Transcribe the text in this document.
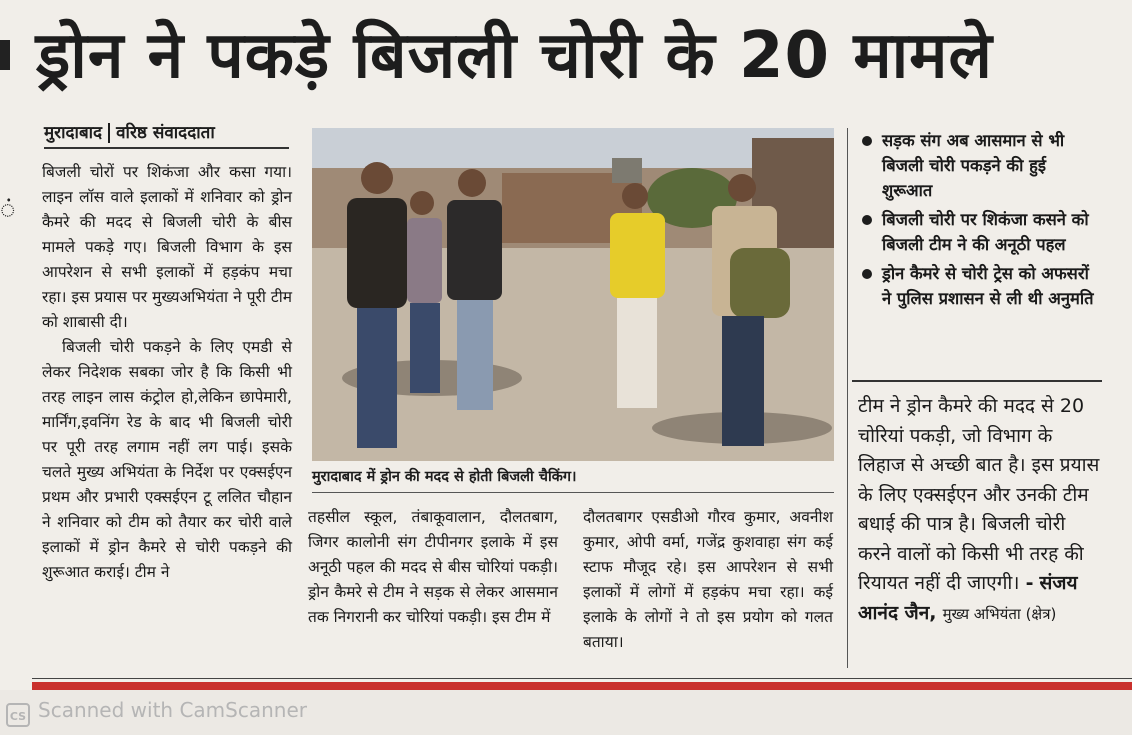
ं
ड्रोन ने पकड़े बिजली चोरी के 20 मामले
मुरादाबाद वरिष्ठ संवाददाता

बिजली चोरों पर शिकंजा और कसा गया। लाइन लॉस वाले इलाकों में शनिवार को ड्रोन कैमरे की मदद से बिजली चोरी के बीस मामले पकड़े गए। बिजली विभाग के इस आपरेशन से सभी इलाकों में हड़कंप मचा रहा। इस प्रयास पर मुख्यअभियंता ने पूरी टीम को शाबासी दी।

बिजली चोरी पकड़ने के लिए एमडी से लेकर निदेशक सबका जोर है कि किसी भी तरह लाइन लास कंट्रोल हो,लेकिन छापेमारी, मार्निंग,इवनिंग रेड के बाद भी बिजली चोरी पर पूरी तरह लगाम नहीं लग पाई। इसके चलते मुख्य अभियंता के निर्देश पर एक्सईएन प्रथम और प्रभारी एक्सईएन टू ललित चौहान ने शनिवार को टीम को तैयार कर चोरी वाले इलाकों में ड्रोन कैमरे से चोरी पकड़ने की शुरूआत कराई। टीम ने

मुरादाबाद में ड्रोन की मदद से होती बिजली चैकिंग।
तहसील स्कूल, तंबाकूवालान, दौलतबाग, जिगर कालोनी संग टीपीनगर इलाके में इस अनूठी पहल की मदद से बीस चोरियां पकड़ी। ड्रोन कैमरे से टीम ने सड़क से लेकर आसमान तक निगरानी कर चोरियां पकड़ी। इस टीम में
दौलतबागर एसडीओ गौरव कुमार, अवनीश कुमार, ओपी वर्मा, गजेंद्र कुशवाहा संग कई स्टाफ मौजूद रहे। इस आपरेशन से सभी इलाकों में लोगों में हड़कंप मचा रहा। कई इलाके के लोगों ने तो इस प्रयोग को गलत बताया।
सड़क संग अब आसमान से भी बिजली चोरी पकड़ने की हुई शुरूआत
बिजली चोरी पर शिकंजा कसने को बिजली टीम ने की अनूठी पहल
ड्रोन कैमरे से चोरी ट्रेस को अफसरों ने पुलिस प्रशासन से ली थी अनुमति
टीम ने ड्रोन कैमरे की मदद से 20 चोरियां पकड़ी, जो विभाग के लिहाज से अच्छी बात है। इस प्रयास के लिए एक्सईएन और उनकी टीम बधाई की पात्र है। बिजली चोरी करने वालों को किसी भी तरह की रियायत नहीं दी जाएगी। - संजय आनंद जैन, मुख्य अभियंता (क्षेत्र)
CS Scanned with CamScanner
